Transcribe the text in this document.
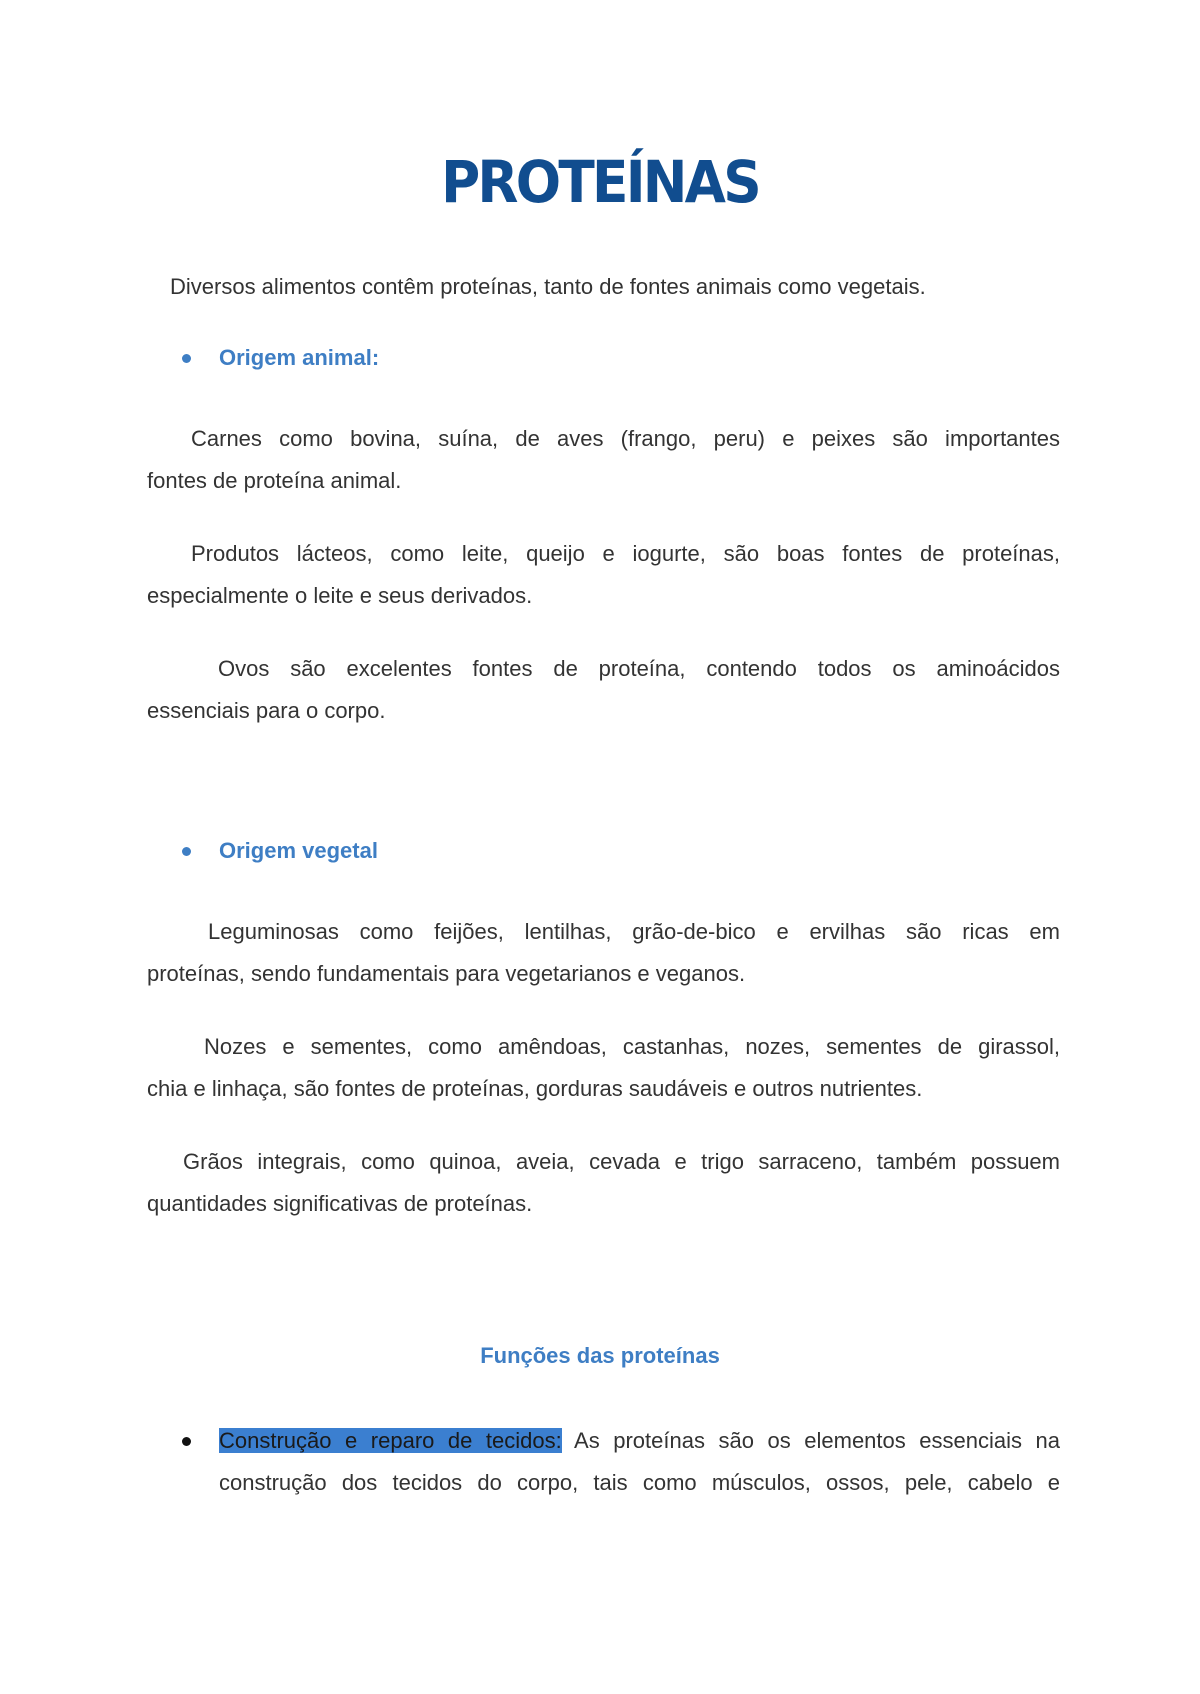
PROTEÍNAS

Diversos alimentos contêm proteínas, tanto de fontes animais como vegetais.

Origem animal:
Carnes como bovina, suína, de aves (frango, peru) e peixes são importantes
fontes de proteína animal.
Produtos lácteos, como leite, queijo e iogurte, são boas fontes de proteínas,
especialmente o leite e seus derivados.
Ovos são excelentes fontes de proteína, contendo todos os aminoácidos
essenciais para o corpo.
Origem vegetal
Leguminosas como feijões, lentilhas, grão-de-bico e ervilhas são ricas em
proteínas, sendo fundamentais para vegetarianos e veganos.
Nozes e sementes, como amêndoas, castanhas, nozes, sementes de girassol,
chia e linhaça, são fontes de proteínas, gorduras saudáveis e outros nutrientes.
Grãos integrais, como quinoa, aveia, cevada e trigo sarraceno, também possuem
quantidades significativas de proteínas.
Funções das proteínas
Construção e reparo de tecidos: As proteínas são os elementos essenciais na
construção dos tecidos do corpo, tais como músculos, ossos, pele, cabelo e
